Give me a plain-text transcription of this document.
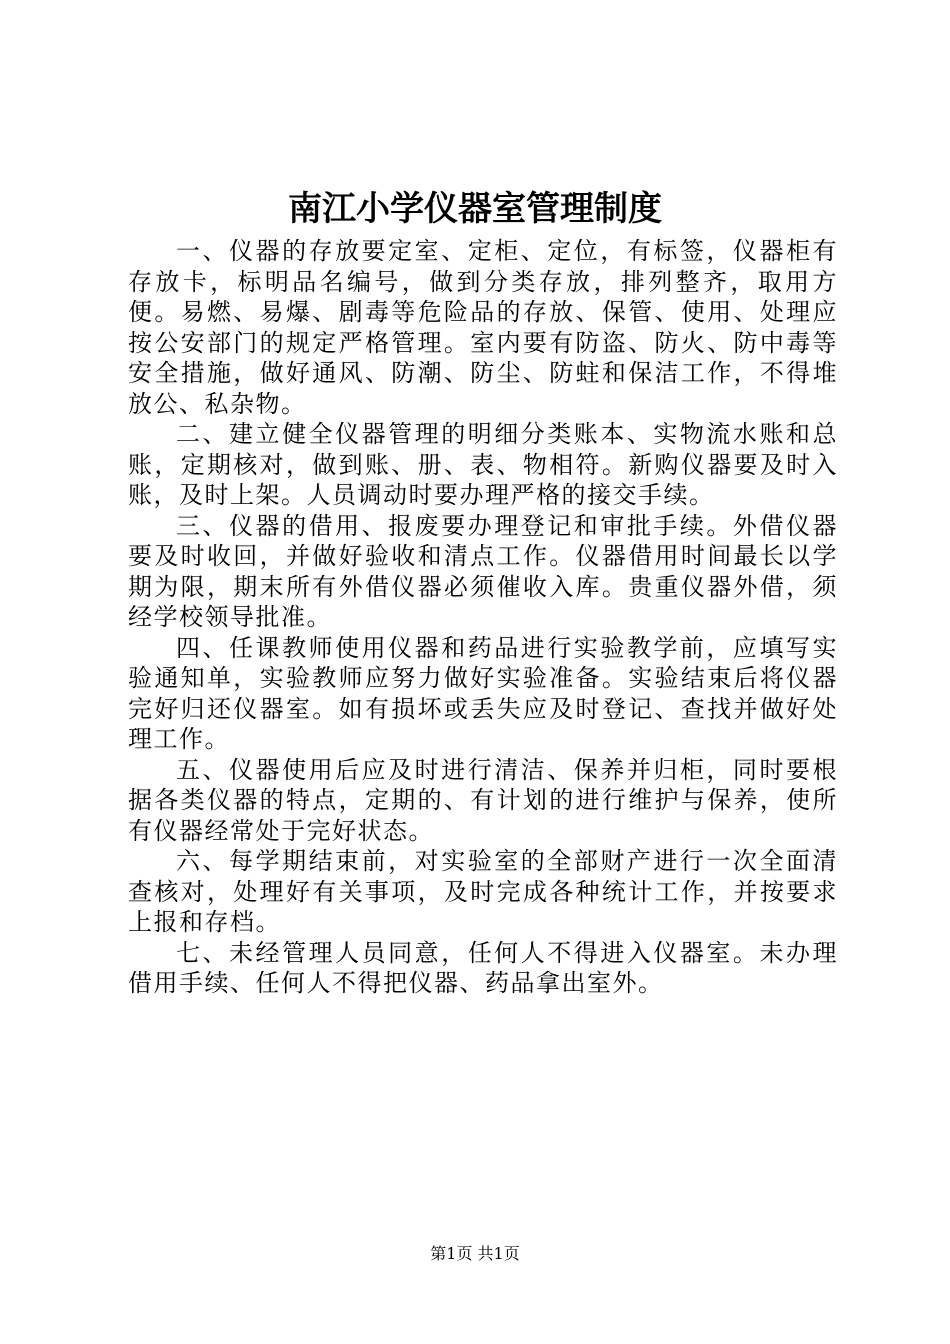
南江小学仪器室管理制度

一、仪器的存放要定室、定柜、定位，有标签，仪器柜有存放卡，标明品名编号，做到分类存放，排列整齐，取用方便。易燃、易爆、剧毒等危险品的存放、保管、使用、处理应按公安部门的规定严格管理。室内要有防盗、防火、防中毒等安全措施，做好通风、防潮、防尘、防蛀和保洁工作，不得堆放公、私杂物。

二、建立健全仪器管理的明细分类账本、实物流水账和总账，定期核对，做到账、册、表、物相符。新购仪器要及时入账，及时上架。人员调动时要办理严格的接交手续。

三、仪器的借用、报废要办理登记和审批手续。外借仪器要及时收回，并做好验收和清点工作。仪器借用时间最长以学期为限，期末所有外借仪器必须催收入库。贵重仪器外借，须经学校领导批准。

四、任课教师使用仪器和药品进行实验教学前，应填写实验通知单，实验教师应努力做好实验准备。实验结束后将仪器完好归还仪器室。如有损坏或丢失应及时登记、查找并做好处理工作。

五、仪器使用后应及时进行清洁、保养并归柜，同时要根据各类仪器的特点，定期的、有计划的进行维护与保养，使所有仪器经常处于完好状态。

六、每学期结束前，对实验室的全部财产进行一次全面清查核对，处理好有关事项，及时完成各种统计工作，并按要求上报和存档。

七、未经管理人员同意，任何人不得进入仪器室。未办理借用手续、任何人不得把仪器、药品拿出室外。

第1页 共1页
